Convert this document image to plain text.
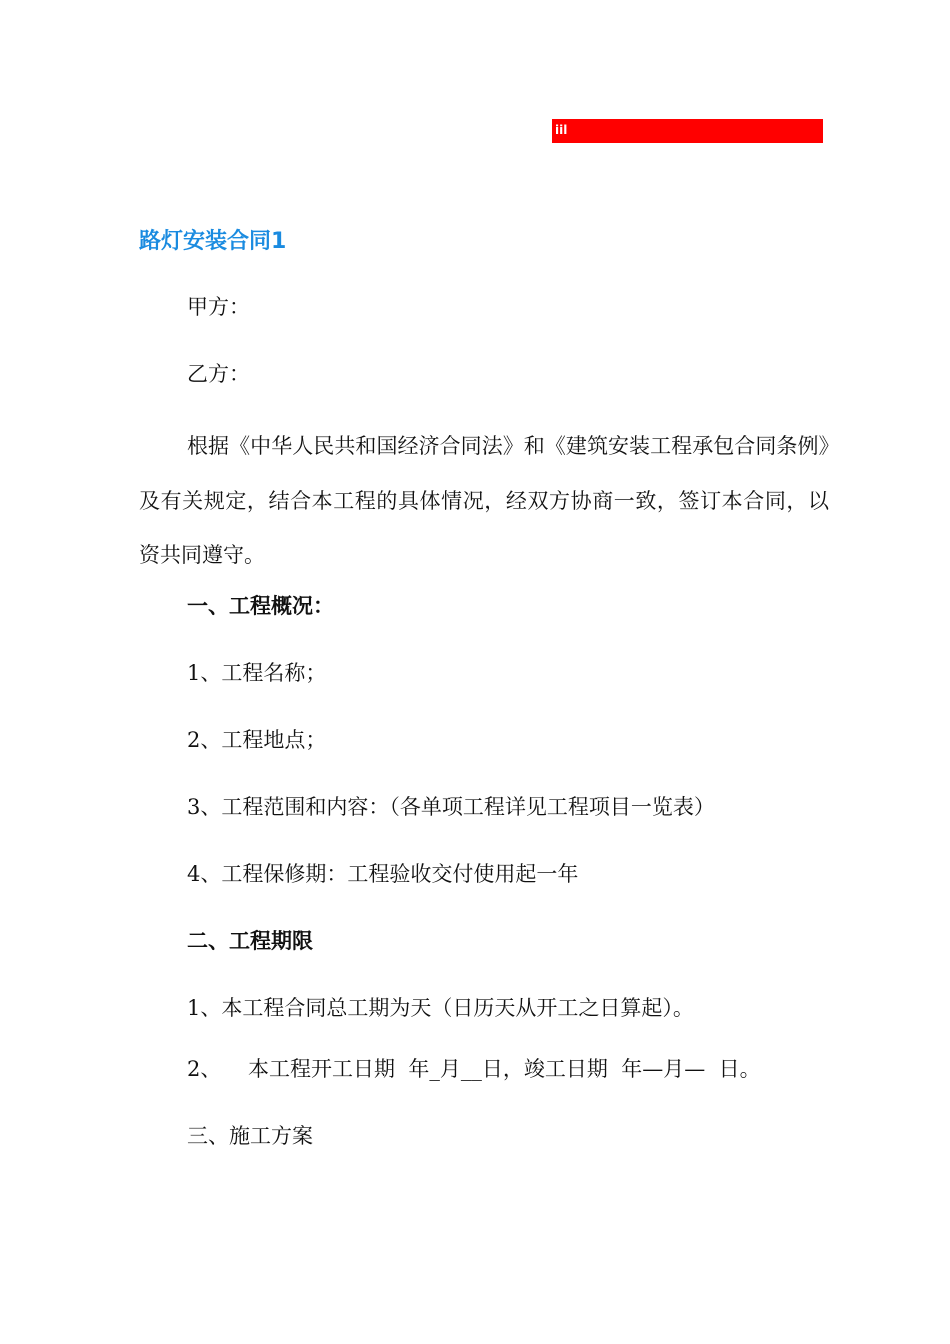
iil
路灯安装合同1

甲方：

乙方：

根据《中华人民共和国经济合同法》和《建筑安装工程承包合同条例》及有关规定，结合本工程的具体情况，经双方协商一致，签订本合同，以资共同遵守。

一、工程概况：

1、工程名称；

2、工程地点；

3、工程范围和内容：（各单项工程详见工程项目一览表）

4、工程保修期：工程验收交付使用起一年

二、工程期限

1、本工程合同总工期为天（日历天从开工之日算起）。

2、    本工程开工日期  年_月__日，竣工日期  年—月—  日。

三、施工方案
